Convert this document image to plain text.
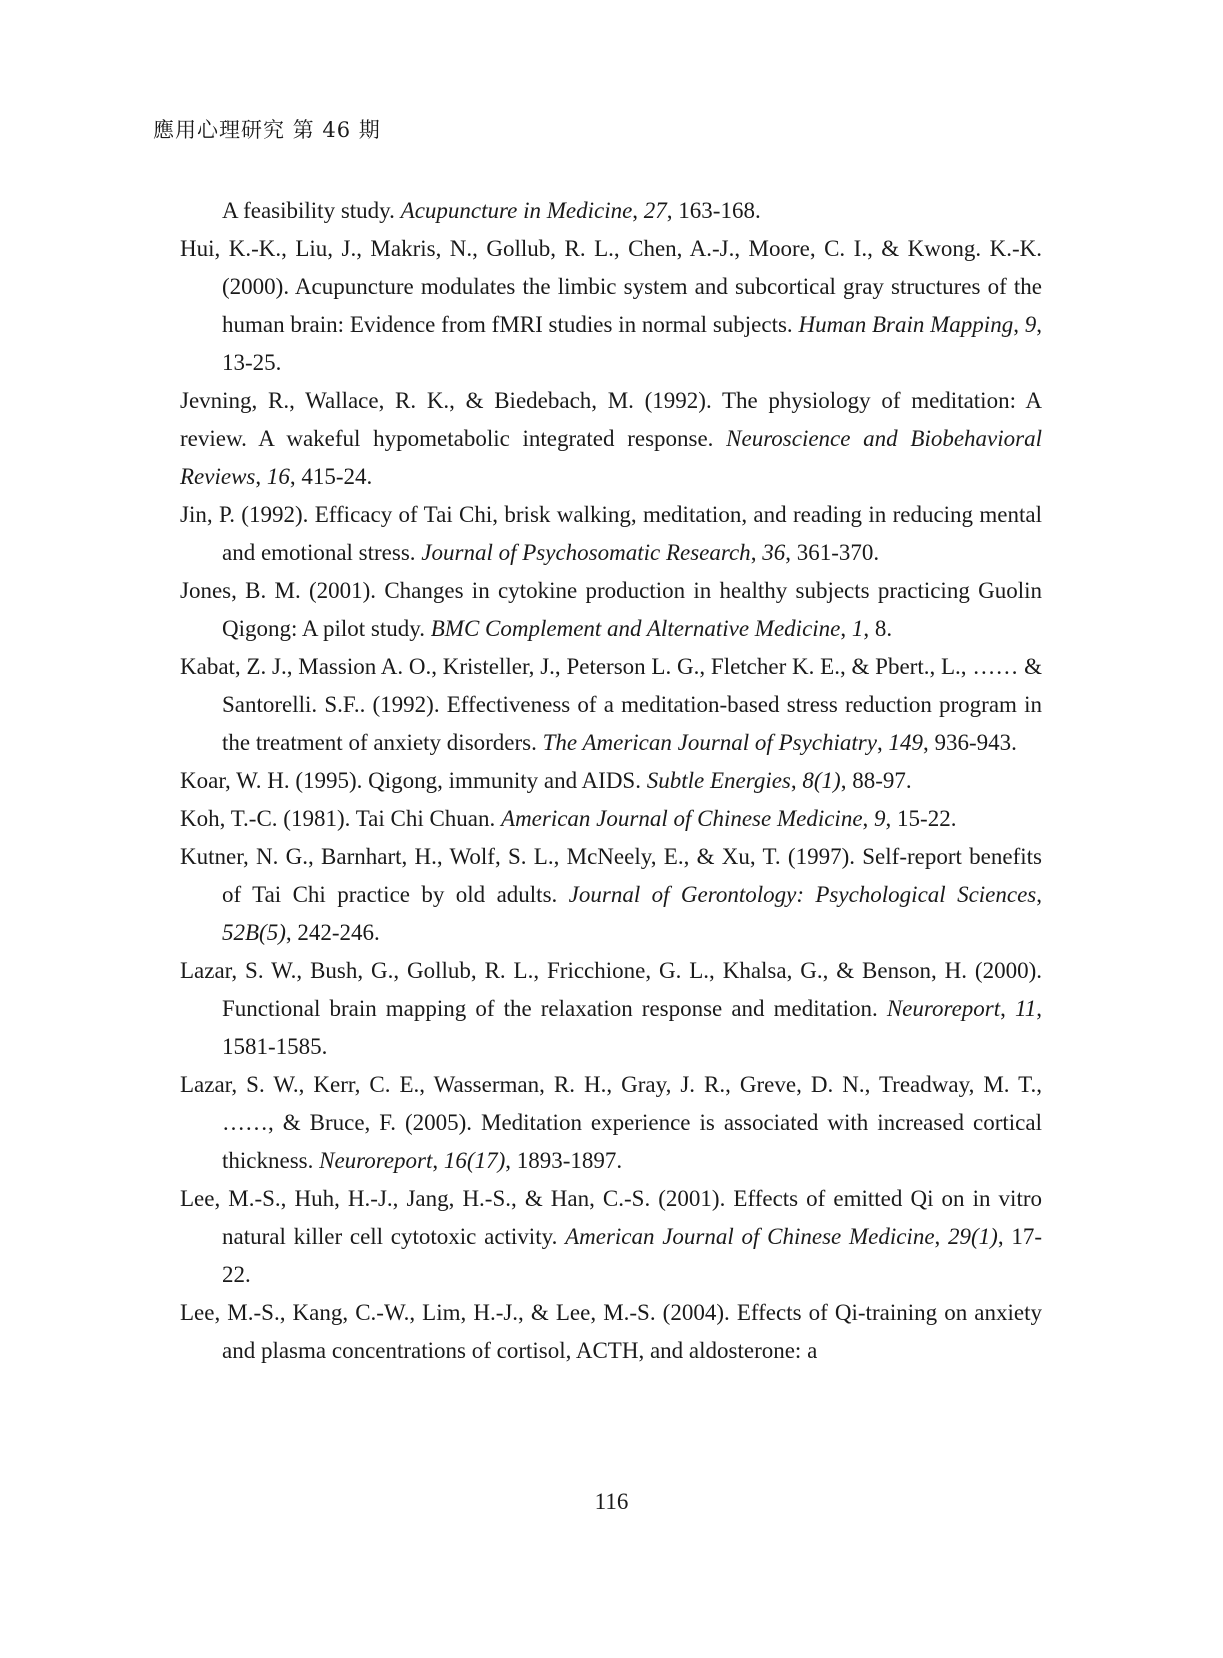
應用心理研究 第 46 期
A feasibility study. Acupuncture in Medicine, 27, 163-168.
Hui, K.-K., Liu, J., Makris, N., Gollub, R. L., Chen, A.-J., Moore, C. I., & Kwong. K.-K. (2000). Acupuncture modulates the limbic system and subcortical gray structures of the human brain: Evidence from fMRI studies in normal subjects. Human Brain Mapping, 9, 13-25.
Jevning, R., Wallace, R. K., & Biedebach, M. (1992). The physiology of meditation: A review. A wakeful hypometabolic integrated response. Neuroscience and Biobehavioral Reviews, 16, 415-24.
Jin, P. (1992). Efficacy of Tai Chi, brisk walking, meditation, and reading in reducing mental and emotional stress. Journal of Psychosomatic Research, 36, 361-370.
Jones, B. M. (2001). Changes in cytokine production in healthy subjects practicing Guolin Qigong: A pilot study. BMC Complement and Alternative Medicine, 1, 8.
Kabat, Z. J., Massion A. O., Kristeller, J., Peterson L. G., Fletcher K. E., & Pbert., L., …… & Santorelli. S.F.. (1992). Effectiveness of a meditation-based stress reduction program in the treatment of anxiety disorders. The American Journal of Psychiatry, 149, 936-943.
Koar, W. H. (1995). Qigong, immunity and AIDS. Subtle Energies, 8(1), 88-97.
Koh, T.-C. (1981). Tai Chi Chuan. American Journal of Chinese Medicine, 9, 15-22.
Kutner, N. G., Barnhart, H., Wolf, S. L., McNeely, E., & Xu, T. (1997). Self-report benefits of Tai Chi practice by old adults. Journal of Gerontology: Psychological Sciences, 52B(5), 242-246.
Lazar, S. W., Bush, G., Gollub, R. L., Fricchione, G. L., Khalsa, G., & Benson, H. (2000). Functional brain mapping of the relaxation response and meditation. Neuroreport, 11, 1581-1585.
Lazar, S. W., Kerr, C. E., Wasserman, R. H., Gray, J. R., Greve, D. N., Treadway, M. T., ……, & Bruce, F. (2005). Meditation experience is associated with increased cortical thickness. Neuroreport, 16(17), 1893-1897.
Lee, M.-S., Huh, H.-J., Jang, H.-S., & Han, C.-S. (2001). Effects of emitted Qi on in vitro natural killer cell cytotoxic activity. American Journal of Chinese Medicine, 29(1), 17-22.
Lee, M.-S., Kang, C.-W., Lim, H.-J., & Lee, M.-S. (2004). Effects of Qi-training on anxiety and plasma concentrations of cortisol, ACTH, and aldosterone: a
116
